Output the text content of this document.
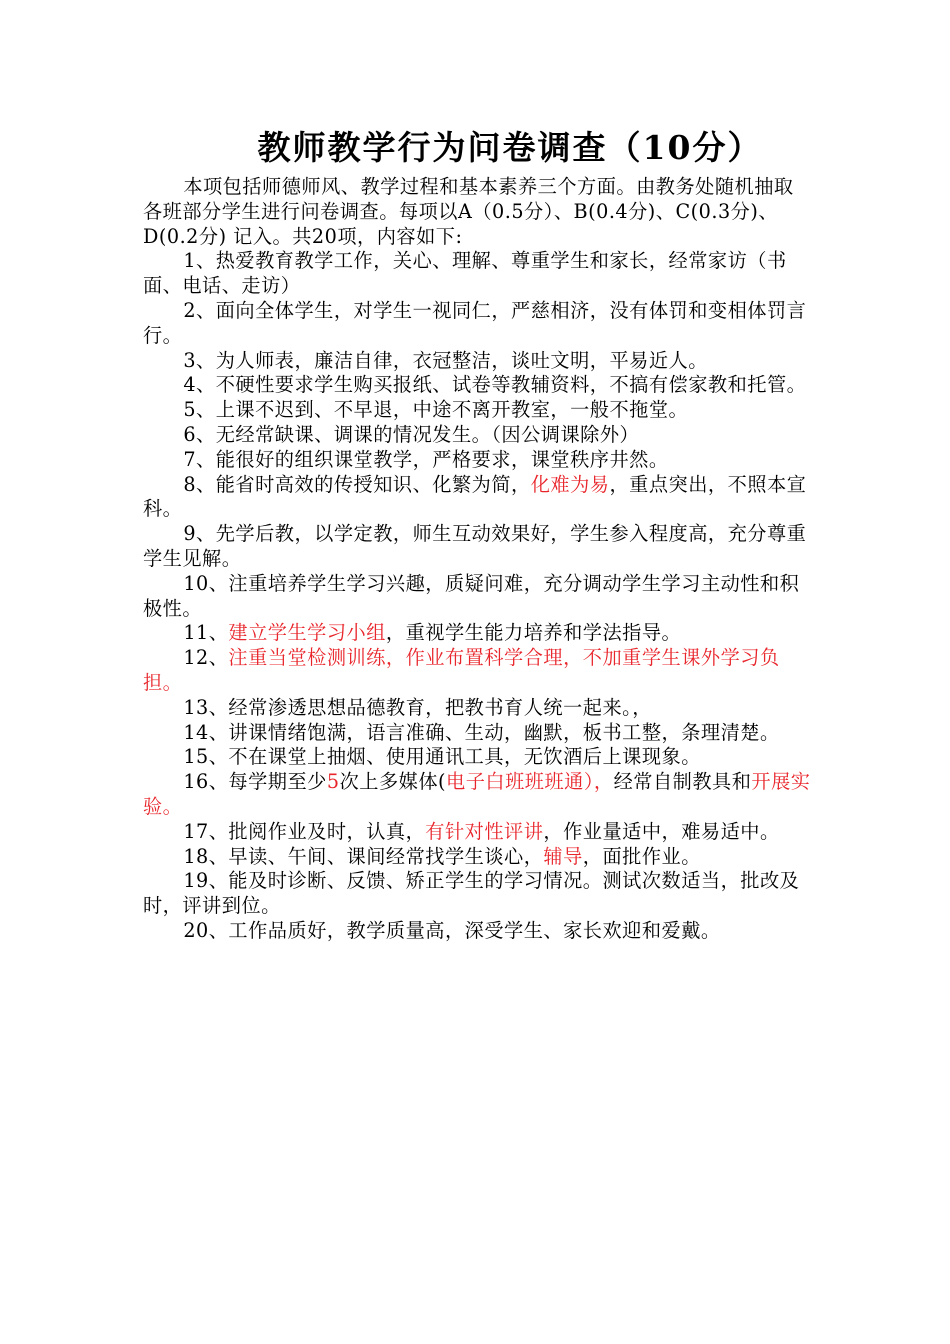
教师教学行为问卷调查（10分）

本项包括师德师风、教学过程和基本素养三个方面。由教务处随机抽取各班部分学生进行问卷调查。每项以A（0.5分）、B(0.4分)、C(0.3分)、D(0.2分) 记入。共20项，内容如下:

1、热爱教育教学工作，关心、理解、尊重学生和家长，经常家访（书面、电话、走访）

2、面向全体学生，对学生一视同仁，严慈相济，没有体罚和变相体罚言行。

3、为人师表，廉洁自律，衣冠整洁，谈吐文明，平易近人。

4、不硬性要求学生购买报纸、试卷等教辅资料，不搞有偿家教和托管。

5、上课不迟到、不早退，中途不离开教室，一般不拖堂。

6、无经常缺课、调课的情况发生。（因公调课除外）

7、能很好的组织课堂教学，严格要求，课堂秩序井然。

8、能省时高效的传授知识、化繁为简，化难为易，重点突出，不照本宣科。

9、先学后教，以学定教，师生互动效果好，学生参入程度高，充分尊重学生见解。

10、注重培养学生学习兴趣，质疑问难，充分调动学生学习主动性和积极性。

11、建立学生学习小组，重视学生能力培养和学法指导。

12、注重当堂检测训练，作业布置科学合理，不加重学生课外学习负担。

13、经常渗透思想品德教育，把教书育人统一起来。，

14、讲课情绪饱满，语言准确、生动，幽默，板书工整，条理清楚。

15、不在课堂上抽烟、使用通讯工具，无饮酒后上课现象。

16、每学期至少5次上多媒体(电子白班班班通），经常自制教具和开展实验。

17、批阅作业及时，认真，有针对性评讲，作业量适中，难易适中。

18、早读、午间、课间经常找学生谈心，辅导，面批作业。

19、能及时诊断、反馈、矫正学生的学习情况。测试次数适当，批改及时，评讲到位。

20、工作品质好，教学质量高，深受学生、家长欢迎和爱戴。
